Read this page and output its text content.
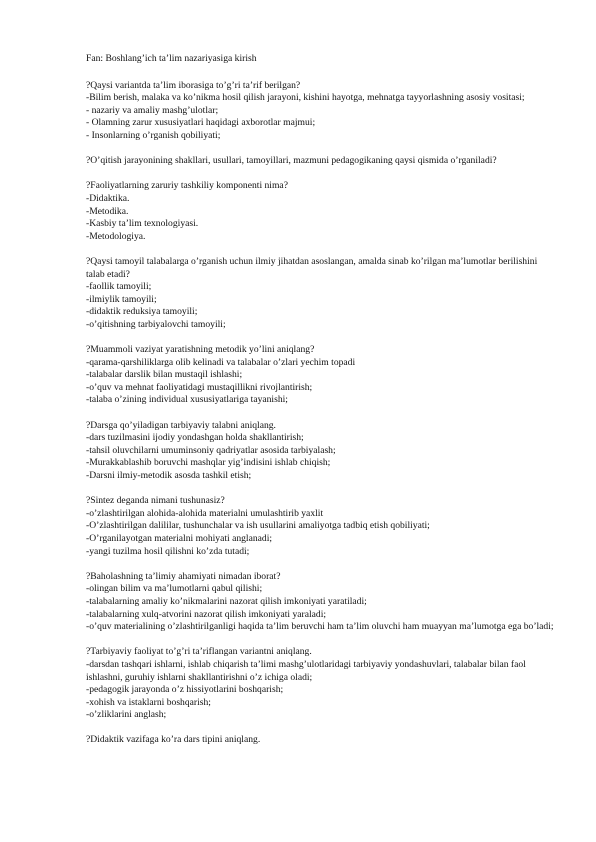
Fan: Boshlang’ich ta’lim nazariyasiga kirish
?Qaysi variantda ta’lim iborasiga to’g’ri ta’rif berilgan?
-Bilim berish, malaka va ko’nikma hosil qilish jarayoni, kishini hayotga, mehnatga tayyorlashning asosiy vositasi;
- nazariy va amaliy mashg’ulotlar;
- Olamning zarur xususiyatlari haqidagi axborotlar majmui;
- Insonlarning o’rganish qobiliyati;
?O’qitish jarayonining shakllari, usullari, tamoyillari, mazmuni pedagogikaning qaysi qismida o’rganiladi?
?Faoliyatlarning zaruriy tashkiliy komponenti nima?
-Didaktika.
-Metodika.
-Kasbiy ta’lim texnologiyasi.
-Metodologiya.
?Qaysi tamoyil talabalarga o’rganish uchun ilmiy jihatdan asoslangan, amalda sinab ko’rilgan ma’lumotlar berilishini talab etadi?
-faollik tamoyili;
-ilmiylik tamoyili;
-didaktik reduksiya tamoyili;
-o’qitishning tarbiyalovchi tamoyili;
?Muammoli vaziyat yaratishning metodik yo’lini aniqlang?
-qarama-qarshiliklarga olib kelinadi va talabalar o’zlari yechim topadi
-talabalar darslik bilan mustaqil ishlashi;
-o’quv va mehnat faoliyatidagi mustaqillikni rivojlantirish;
-talaba o’zining individual xususiyatlariga tayanishi;
?Darsga qo’yiladigan tarbiyaviy talabni aniqlang.
-dars tuzilmasini ijodiy yondashgan holda shakllantirish;
-tahsil oluvchilarni umuminsoniy qadriyatlar asosida tarbiyalash;
-Murakkablashib boruvchi mashqlar yig’indisini ishlab chiqish;
-Darsni ilmiy-metodik asosda tashkil etish;
?Sintez deganda nimani tushunasiz?
-o’zlashtirilgan alohida-alohida materialni umulashtirib yaxlit
-O’zlashtirilgan dalililar, tushunchalar va ish usullarini amaliyotga tadbiq etish qobiliyati;
-O’rganilayotgan materialni mohiyati anglanadi;
-yangi tuzilma hosil qilishni ko’zda tutadi;
?Baholashning ta’limiy ahamiyati nimadan iborat?
-olingan bilim va ma’lumotlarni qabul qilishi;
-talabalarning amaliy ko’nikmalarini nazorat qilish imkoniyati yaratiladi;
-talabalarning xulq-atvorini nazorat qilish imkoniyati yaraladi;
-o’quv materialining o’zlashtirilganligi haqida ta’lim beruvchi ham ta’lim oluvchi ham muayyan ma’lumotga ega bo’ladi;
?Tarbiyaviy faoliyat to’g’ri ta’riflangan variantni aniqlang.
-darsdan tashqari ishlarni, ishlab chiqarish ta’limi mashg’ulotlaridagi tarbiyaviy yondashuvlari, talabalar bilan faol ishlashni, guruhiy ishlarni shakllantirishni o’z ichiga oladi;
-pedagogik jarayonda o’z hissiyotlarini boshqarish;
-xohish va istaklarni boshqarish;
-o’zliklarini anglash;
?Didaktik vazifaga ko’ra dars tipini aniqlang.
